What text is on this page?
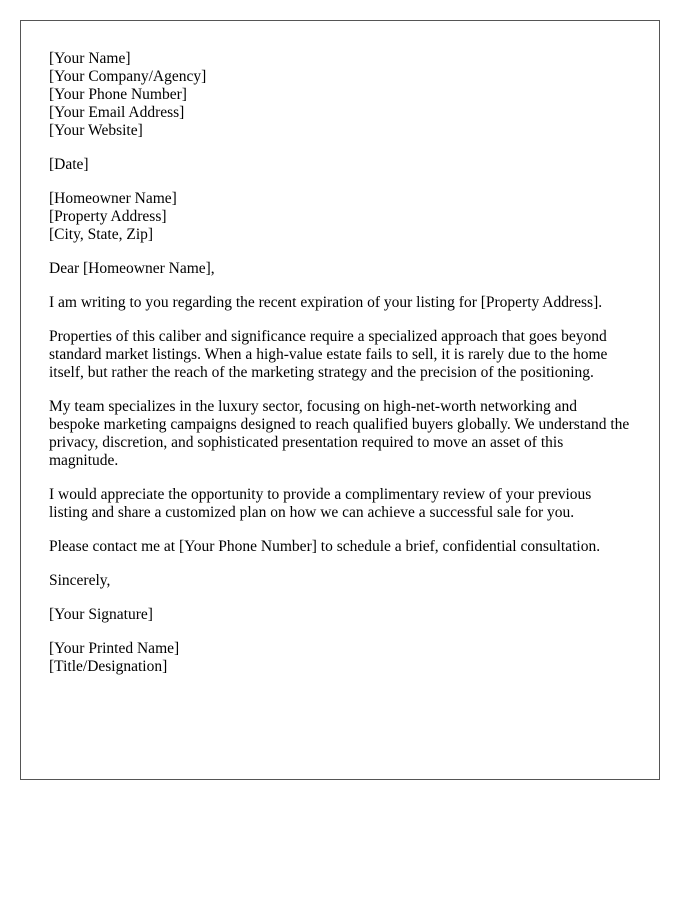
[Your Name]
[Your Company/Agency]
[Your Phone Number]
[Your Email Address]
[Your Website]
[Date]
[Homeowner Name]
[Property Address]
[City, State, Zip]

Dear [Homeowner Name],

I am writing to you regarding the recent expiration of your listing for [Property Address].

Properties of this caliber and significance require a specialized approach that goes beyond standard market listings. When a high-value estate fails to sell, it is rarely due to the home itself, but rather the reach of the marketing strategy and the precision of the positioning.

My team specializes in the luxury sector, focusing on high-net-worth networking and bespoke marketing campaigns designed to reach qualified buyers globally. We understand the privacy, discretion, and sophisticated presentation required to move an asset of this magnitude.

I would appreciate the opportunity to provide a complimentary review of your previous listing and share a customized plan on how we can achieve a successful sale for you.

Please contact me at [Your Phone Number] to schedule a brief, confidential consultation.

Sincerely,

[Your Signature]

[Your Printed Name]
[Title/Designation]
